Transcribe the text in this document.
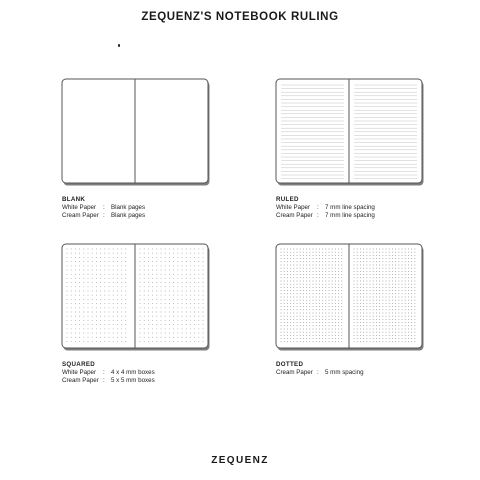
ZEQUENZ'S NOTEBOOK RULING
BLANK
White Paper	:	Blank pages
Cream Paper :	Blank pages
RULED
White Paper	:	7 mm line spacing
Cream Paper :	7 mm line spacing
SQUARED
White Paper	:	4 x 4 mm boxes
Cream Paper :	5 x 5 mm boxes
DOTTED
Cream Paper :	5 mm spacing
ZEQUENZ
